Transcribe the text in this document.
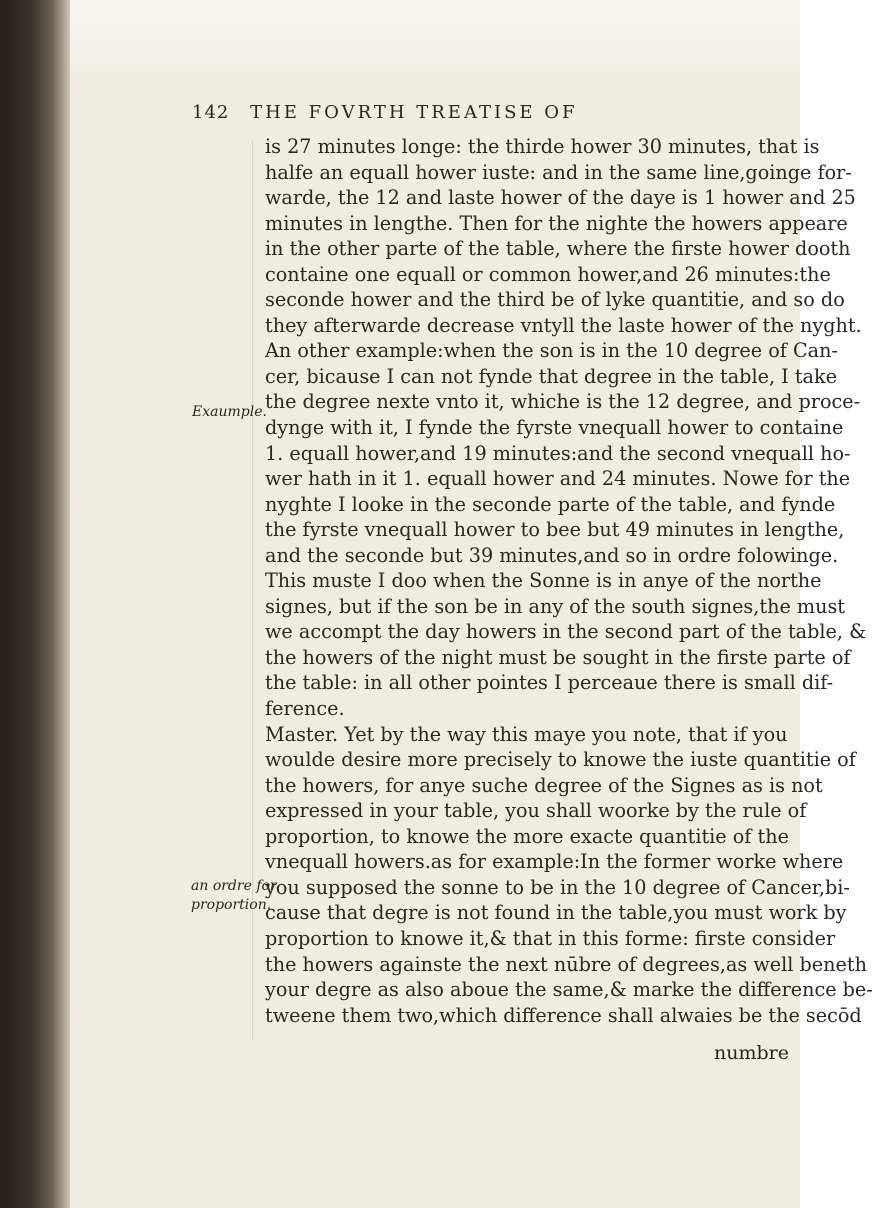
142 THE FOVRTH TREATISE OF
Exaumple.
an ordre for
proportion.
is 27 minutes longe: the thirde hower 30 minutes, that is
halfe an equall hower iuste: and in the same line,goinge for-
warde, the 12 and laste hower of the daye is 1 hower and 25
minutes in lengthe. Then for the nighte the howers appeare
in the other parte of the table, where the firste hower dooth
containe one equall or common hower,and 26 minutes:the
seconde hower and the third be of lyke quantitie, and so do
they afterwarde decrease vntyll the laste hower of the nyght.
An other example:when the son is in the 10 degree of Can-
cer, bicause I can not fynde that degree in the table, I take
the degree nexte vnto it, whiche is the 12 degree, and proce-
dynge with it, I fynde the fyrste vnequall hower to containe
1. equall hower,and 19 minutes:and the second vnequall ho-
wer hath in it 1. equall hower and 24 minutes. Nowe for the
nyghte I looke in the seconde parte of the table, and fynde
the fyrste vnequall hower to bee but 49 minutes in lengthe,
and the seconde but 39 minutes,and so in ordre folowinge.
This muste I doo when the Sonne is in anye of the northe
signes, but if the son be in any of the south signes,the must
we accompt the day howers in the second part of the table, &
the howers of the night must be sought in the firste parte of
the table: in all other pointes I perceaue there is small dif-
ference.
Master. Yet by the way this maye you note, that if you
woulde desire more precisely to knowe the iuste quantitie of
the howers, for anye suche degree of the Signes as is not
expressed in your table, you shall woorke by the rule of
proportion, to knowe the more exacte quantitie of the
vnequall howers.as for example:In the former worke where
you supposed the sonne to be in the 10 degree of Cancer,bi-
cause that degre is not found in the table,you must work by
proportion to knowe it,& that in this forme: firste consider
the howers againste the next nūbre of degrees,as well beneth
your degre as also aboue the same,& marke the difference be-
tweene them two,which difference shall alwaies be the secōd
numbre
